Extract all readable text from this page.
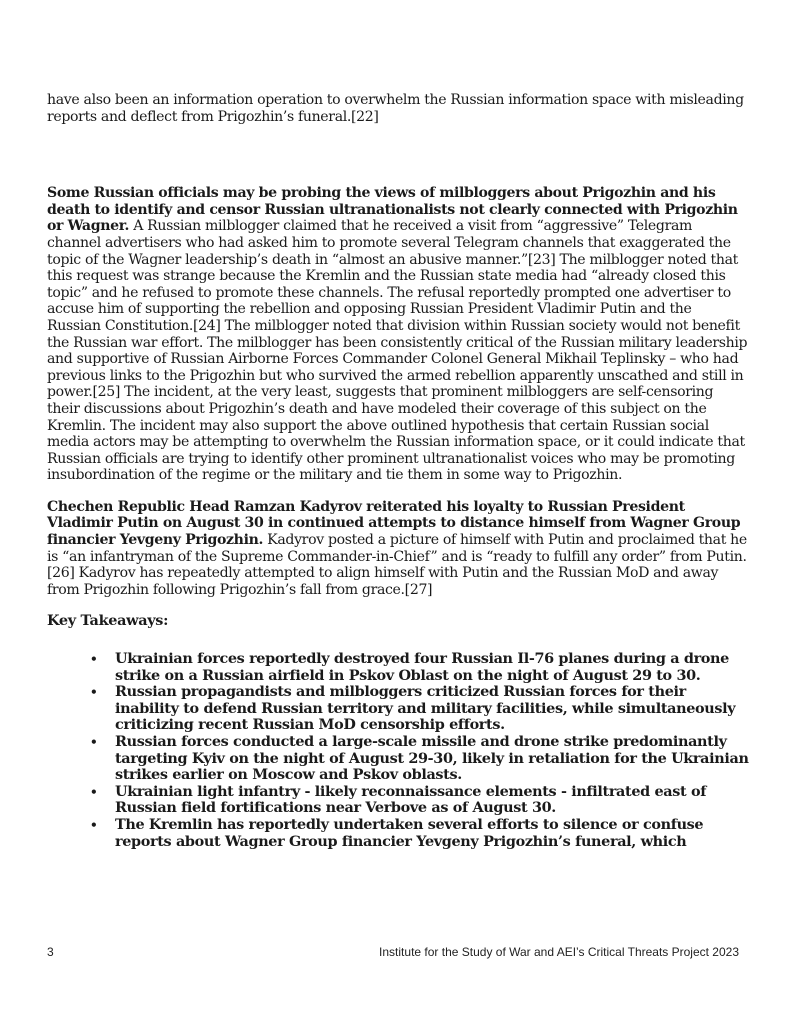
have also been an information operation to overwhelm the Russian information space with misleading reports and deflect from Prigozhin’s funeral.[22]

Some Russian officials may be probing the views of milbloggers about Prigozhin and his death to identify and censor Russian ultranationalists not clearly connected with Prigozhin or Wagner. A Russian milblogger claimed that he received a visit from “aggressive” Telegram channel advertisers who had asked him to promote several Telegram channels that exaggerated the topic of the Wagner leadership’s death in “almost an abusive manner.”[23] The milblogger noted that this request was strange because the Kremlin and the Russian state media had “already closed this topic” and he refused to promote these channels. The refusal reportedly prompted one advertiser to accuse him of supporting the rebellion and opposing Russian President Vladimir Putin and the Russian Constitution.[24] The milblogger noted that division within Russian society would not benefit the Russian war effort. The milblogger has been consistently critical of the Russian military leadership and supportive of Russian Airborne Forces Commander Colonel General Mikhail Teplinsky – who had previous links to the Prigozhin but who survived the armed rebellion apparently unscathed and still in power.[25] The incident, at the very least, suggests that prominent milbloggers are self-censoring their discussions about Prigozhin’s death and have modeled their coverage of this subject on the Kremlin. The incident may also support the above outlined hypothesis that certain Russian social media actors may be attempting to overwhelm the Russian information space, or it could indicate that Russian officials are trying to identify other prominent ultranationalist voices who may be promoting insubordination of the regime or the military and tie them in some way to Prigozhin.

Chechen Republic Head Ramzan Kadyrov reiterated his loyalty to Russian President Vladimir Putin on August 30 in continued attempts to distance himself from Wagner Group financier Yevgeny Prigozhin. Kadyrov posted a picture of himself with Putin and proclaimed that he is “an infantryman of the Supreme Commander-in-Chief” and is “ready to fulfill any order” from Putin.[26] Kadyrov has repeatedly attempted to align himself with Putin and the Russian MoD and away from Prigozhin following Prigozhin’s fall from grace.[27]

Key Takeaways:

• Ukrainian forces reportedly destroyed four Russian Il-76 planes during a drone strike on a Russian airfield in Pskov Oblast on the night of August 29 to 30.
• Russian propagandists and milbloggers criticized Russian forces for their inability to defend Russian territory and military facilities, while simultaneously criticizing recent Russian MoD censorship efforts.
• Russian forces conducted a large-scale missile and drone strike predominantly targeting Kyiv on the night of August 29-30, likely in retaliation for the Ukrainian strikes earlier on Moscow and Pskov oblasts.
• Ukrainian light infantry - likely reconnaissance elements - infiltrated east of Russian field fortifications near Verbove as of August 30.
• The Kremlin has reportedly undertaken several efforts to silence or confuse reports about Wagner Group financier Yevgeny Prigozhin’s funeral, which
3	Institute for the Study of War and AEI’s Critical Threats Project 2023
